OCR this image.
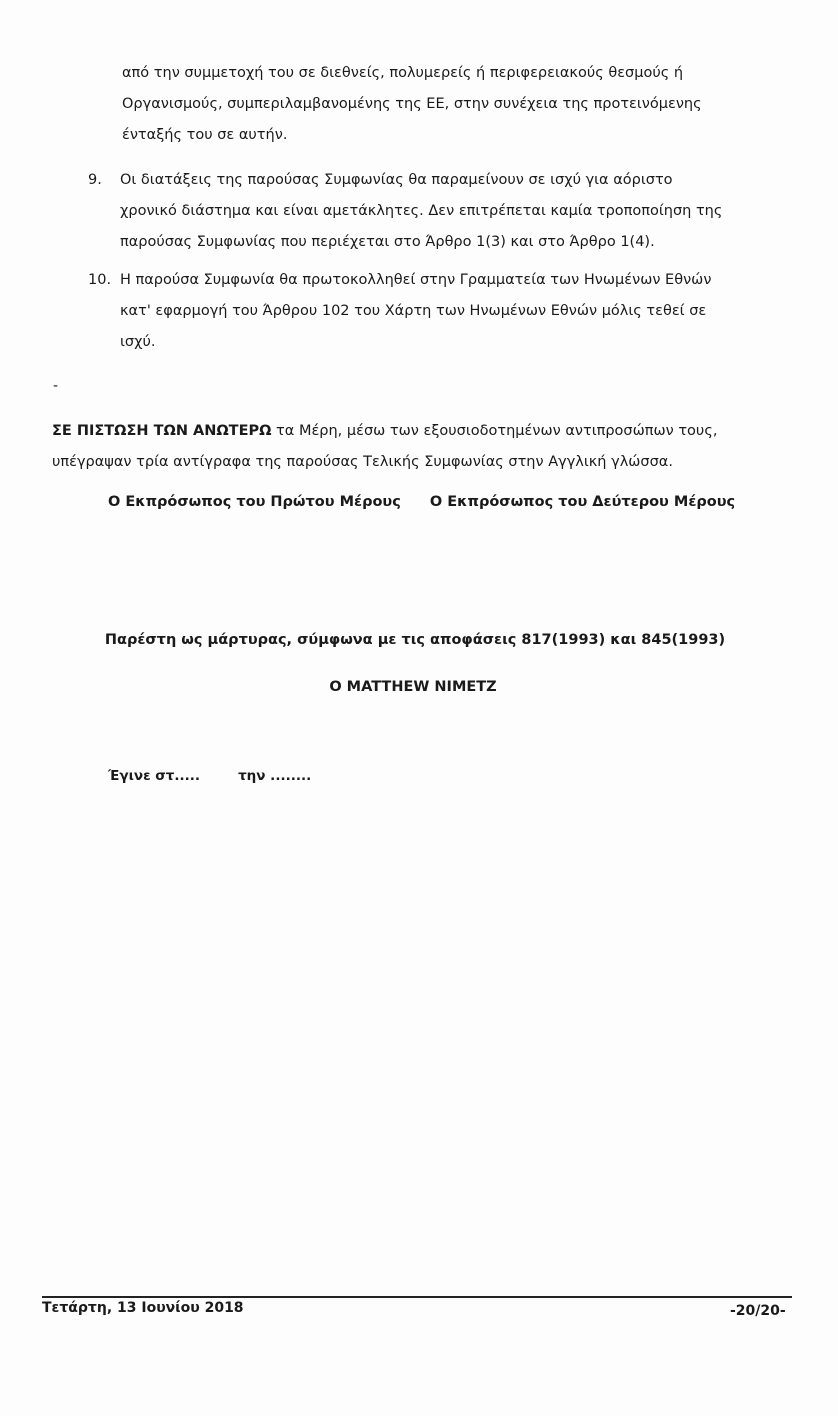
από την συμμετοχή του σε διεθνείς, πολυμερείς ή περιφερειακούς θεσμούς ή
Οργανισμούς, συμπεριλαμβανομένης της ΕΕ, στην συνέχεια της προτεινόμενης
ένταξής του σε αυτήν.
9. Οι διατάξεις της παρούσας Συμφωνίας θα παραμείνουν σε ισχύ για αόριστο
χρονικό διάστημα και είναι αμετάκλητες. Δεν επιτρέπεται καμία τροποποίηση της
παρούσας Συμφωνίας που περιέχεται στο Άρθρο 1(3) και στο Άρθρο 1(4).
10. Η παρούσα Συμφωνία θα πρωτοκολληθεί στην Γραμματεία των Ηνωμένων Εθνών
κατ' εφαρμογή του Άρθρου 102 του Χάρτη των Ηνωμένων Εθνών μόλις τεθεί σε
ισχύ.
-
ΣΕ ΠΙΣΤΩΣΗ ΤΩΝ ΑΝΩΤΕΡΩ τα Μέρη, μέσω των εξουσιοδοτημένων αντιπροσώπων τους,
υπέγραψαν τρία αντίγραφα της παρούσας Τελικής Συμφωνίας στην Αγγλική γλώσσα.
Ο Εκπρόσωπος του Πρώτου Μέρους Ο Εκπρόσωπος του Δεύτερου Μέρους
Παρέστη ως μάρτυρας, σύμφωνα με τις αποφάσεις 817(1993) και 845(1993)
Ο MATTHEW NIMETZ
Έγινε στ.....	την ........
Τετάρτη, 13 Ιουνίου 2018	-20/20-
